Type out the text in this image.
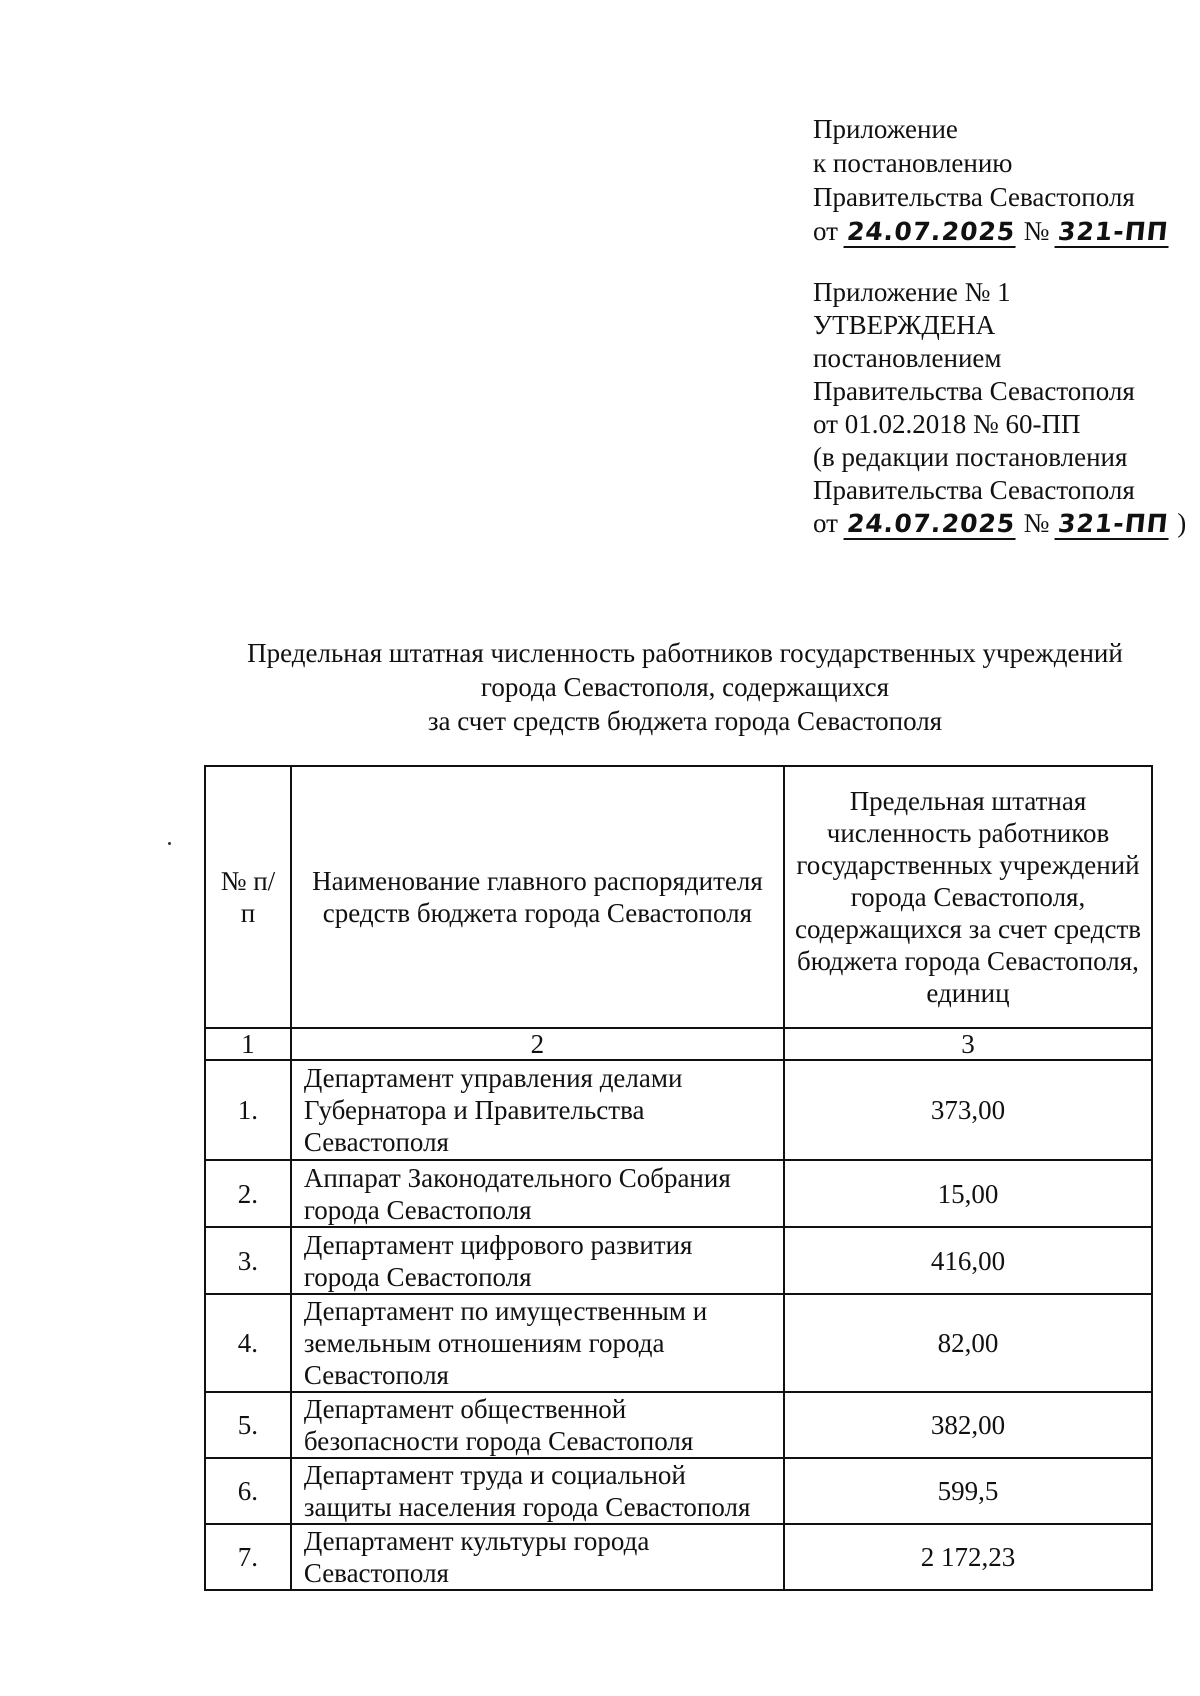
Приложение
к постановлению
Правительства Севастополя
от 24.07.2025 № 321-ПП
Приложение № 1
УТВЕРЖДЕНА
постановлением
Правительства Севастополя
от 01.02.2018 № 60-ПП
(в редакции постановления
Правительства Севастополя
от 24.07.2025 № 321-ПП )
Предельная штатная численность работников государственных учреждений
города Севастополя, содержащихся
за счет средств бюджета города Севастополя
№ п/п	Наименование главного распорядителя средств бюджета города Севастополя	Предельная штатная численность работников государственных учреждений города Севастополя, содержащихся за счет средств бюджета города Севастополя, единиц
1	2	3
1.	Департамент управления делами Губернатора и Правительства Севастополя	373,00
2.	Аппарат Законодательного Собрания города Севастополя	15,00
3.	Департамент цифрового развития города Севастополя	416,00
4.	Департамент по имущественным и земельным отношениям города Севастополя	82,00
5.	Департамент общественной безопасности города Севастополя	382,00
6.	Департамент труда и социальной защиты населения города Севастополя	599,5
7.	Департамент культуры города Севастополя	2 172,23
